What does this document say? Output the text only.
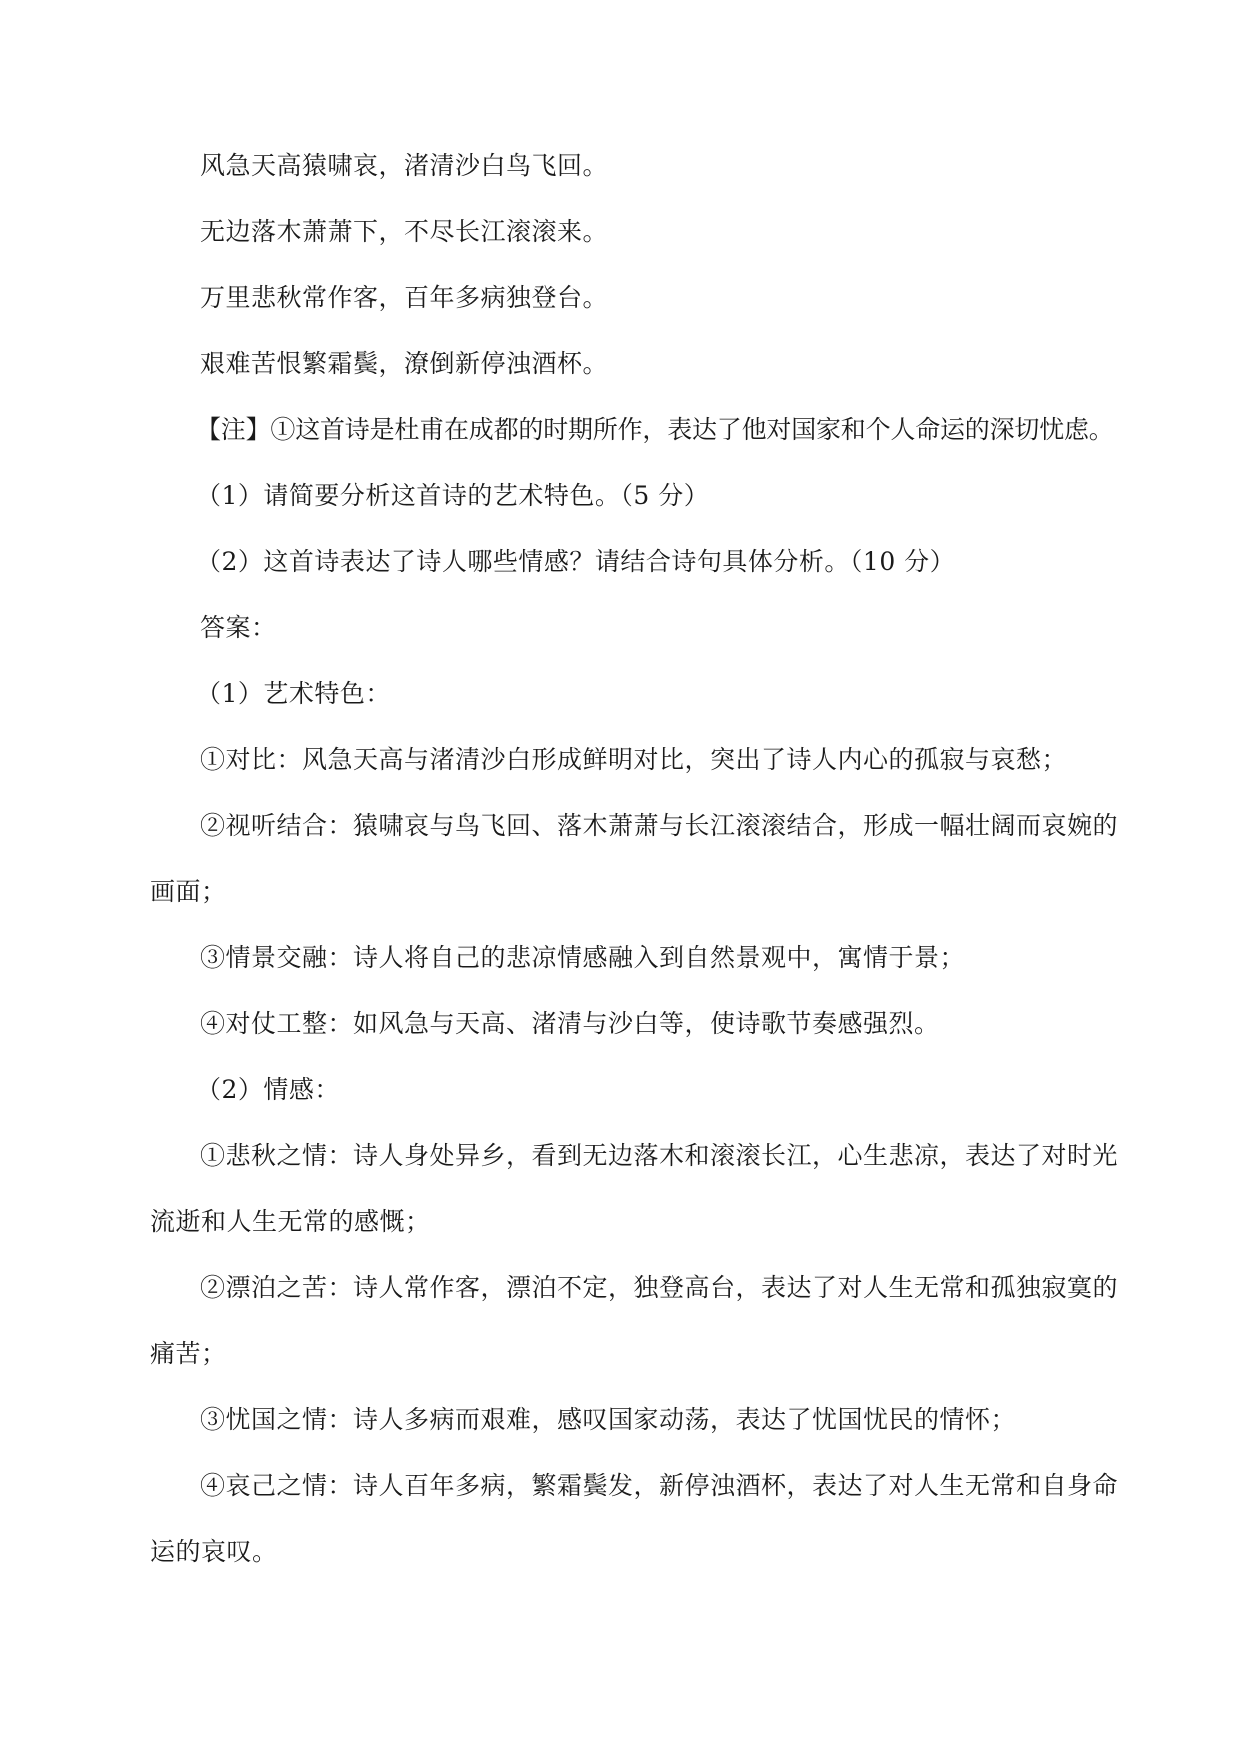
风急天高猿啸哀，渚清沙白鸟飞回。
无边落木萧萧下，不尽长江滚滚来。
万里悲秋常作客，百年多病独登台。
艰难苦恨繁霜鬓，潦倒新停浊酒杯。
【注】①这首诗是杜甫在成都的时期所作，表达了他对国家和个人命运的深切忧虑。
（1）请简要分析这首诗的艺术特色。（5 分）
（2）这首诗表达了诗人哪些情感？请结合诗句具体分析。（10 分）
答案：
（1）艺术特色：
①对比：风急天高与渚清沙白形成鲜明对比，突出了诗人内心的孤寂与哀愁；
②视听结合：猿啸哀与鸟飞回、落木萧萧与长江滚滚结合，形成一幅壮阔而哀婉的
画面；
③情景交融：诗人将自己的悲凉情感融入到自然景观中，寓情于景；
④对仗工整：如风急与天高、渚清与沙白等，使诗歌节奏感强烈。
（2）情感：
①悲秋之情：诗人身处异乡，看到无边落木和滚滚长江，心生悲凉，表达了对时光
流逝和人生无常的感慨；
②漂泊之苦：诗人常作客，漂泊不定，独登高台，表达了对人生无常和孤独寂寞的
痛苦；
③忧国之情：诗人多病而艰难，感叹国家动荡，表达了忧国忧民的情怀；
④哀己之情：诗人百年多病，繁霜鬓发，新停浊酒杯，表达了对人生无常和自身命
运的哀叹。
